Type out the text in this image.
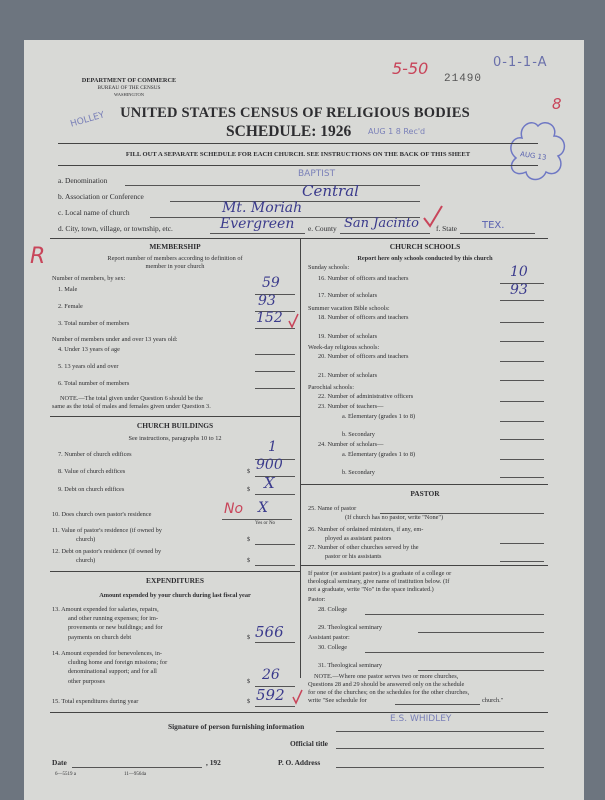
DEPARTMENT OF COMMERCE
BUREAU OF THE CENSUS
WASHINGTON
5-50
21490
0-1-1-A
8
HOLLEY UNITED STATES CENSUS OF RELIGIOUS BODIES
SCHEDULE: 1926 AUG 1 8 Rec'd
AUG 13
FILL OUT A SEPARATE SCHEDULE FOR EACH CHURCH. SEE INSTRUCTIONS ON THE BACK OF THIS SHEET
R
a. Denomination
BAPTIST
b. Association or Conference	Central
c. Local name of church	Mt. Moriah
d. City, town, village, or township, etc.	Evergreen e. County San Jacinto f. State	TEX.
MEMBERSHIP
Report number of members according to definition of
member in your church
Number of members, by sex:
1. Male	59
2. Female	93
3. Total number of members	152
Number of members under and over 13 years old:
4. Under 13 years of age
5. 13 years old and over
6. Total number of members
NOTE.—The total given under Question 6 should be the
same as the total of males and females given under Question 3.
CHURCH BUILDINGS
See instructions, paragraphs 10 to 12
7. Number of church edifices	1
8. Value of church edifices	$ 900
9. Debt on church edifices	$ X
10. Does church own pastor's residence	No X
Yes or No
11. Value of pastor's residence (if owned by
church)	$
12. Debt on pastor's residence (if owned by
church)	$
EXPENDITURES
Amount expended by your church during last fiscal year
13. Amount expended for salaries, repairs,
and other running expenses; for im-
provements or new buildings; and for
payments on church debt	$ 566
14. Amount expended for benevolences, in-
cluding home and foreign missions; for
denominational support; and for all
other purposes	$ 26
15. Total expenditures during year	$ 592
CHURCH SCHOOLS
Report here only schools conducted by this church
Sunday schools:
16. Number of officers and teachers	10
17. Number of scholars	93
Summer vacation Bible schools:
18. Number of officers and teachers
19. Number of scholars
Week-day religious schools:
20. Number of officers and teachers
21. Number of scholars
Parochial schools:
22. Number of administrative officers
23. Number of teachers—
a. Elementary (grades 1 to 8)
b. Secondary
24. Number of scholars—
a. Elementary (grades 1 to 8)
b. Secondary
PASTOR
25. Name of pastor
(If church has no pastor, write "None")
26. Number of ordained ministers, if any, em-
ployed as assistant pastors
27. Number of other churches served by the
pastor or his assistants
If pastor (or assistant pastor) is a graduate of a college or
theological seminary, give name of institution below. (If
not a graduate, write "No" in the space indicated.)
Pastor:
28. College
29. Theological seminary
Assistant pastor:
30. College
31. Theological seminary
NOTE.—Where one pastor serves two or more churches,
Questions 28 and 29 should be answered only on the schedule
for one of the churches; on the schedules for the other churches,
write "See schedule for	church."
Signature of person furnishing information
E.S. WHIDLEY
Official title
Date	, 192	P. O. Address
6—5519 a	11—9564a
